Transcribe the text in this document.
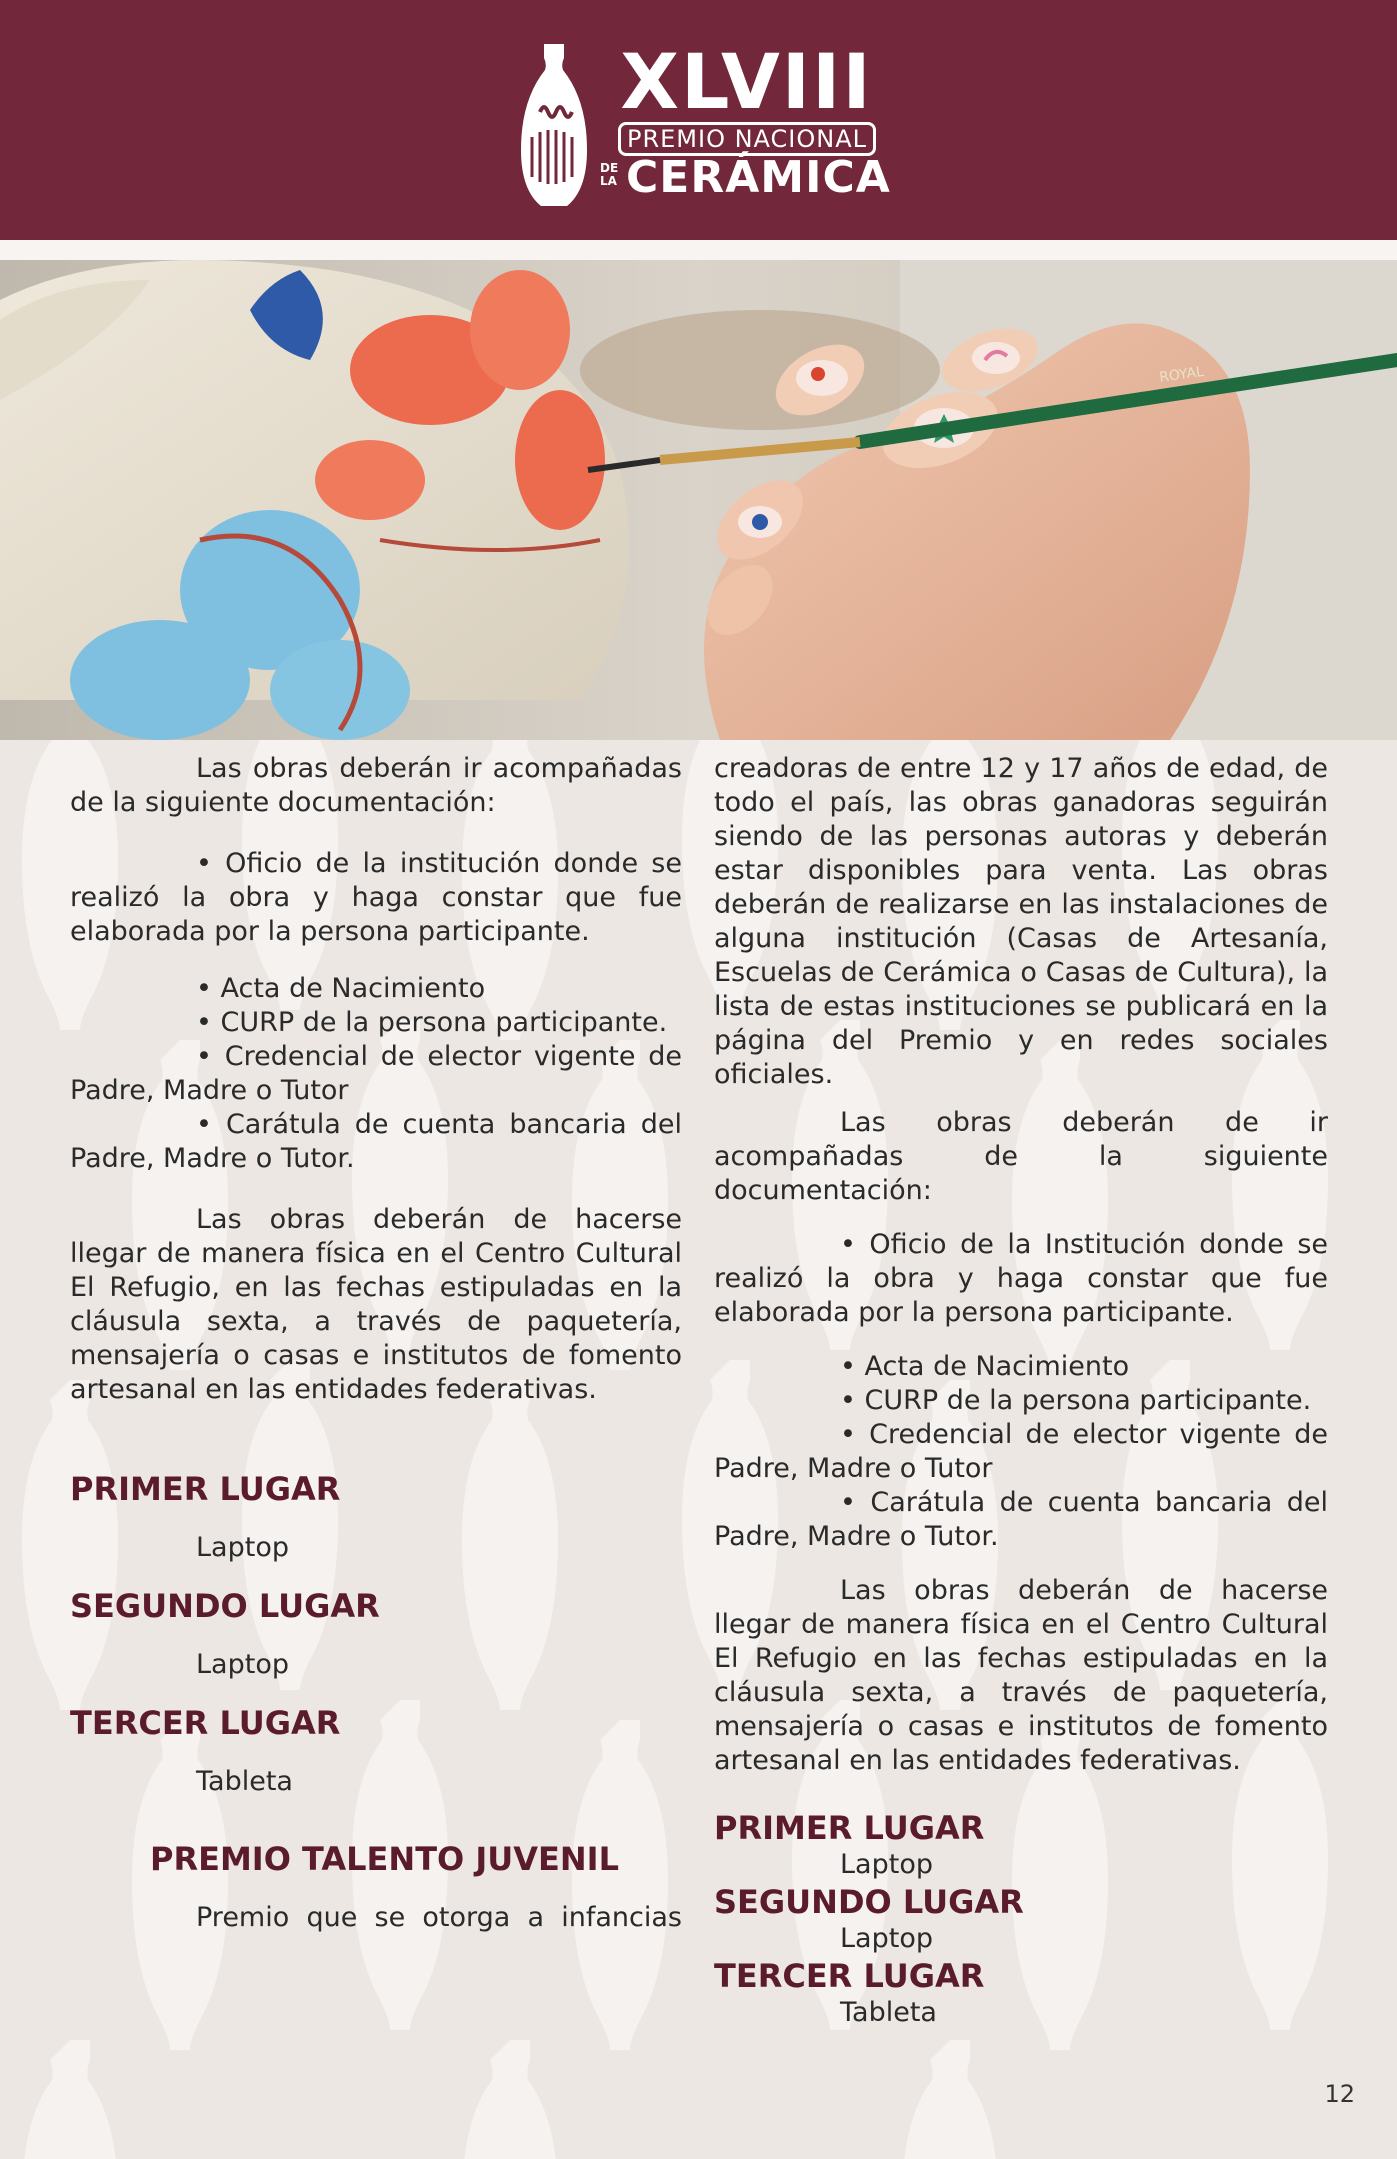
XLVIII
PREMIO NACIONAL
DE LA CERÁMICA
ROYAL

Las obras deberán ir acompañadas de la siguiente documentación:

• Oficio de la institución donde se realizó la obra y haga constar que fue elaborada por la persona participante.

• Acta de Nacimiento

• CURP de la persona participante.

• Credencial de elector vigente de Padre, Madre o Tutor

• Carátula de cuenta bancaria del Padre, Madre o Tutor.

Las obras deberán de hacerse llegar de manera física en el Centro Cultural El Refugio, en las fechas estipuladas en la cláusula sexta, a través de paquetería, mensajería o casas e institutos de fomento artesanal en las entidades federativas.

PRIMER LUGAR

Laptop

SEGUNDO LUGAR

Laptop

TERCER LUGAR

Tableta

PREMIO TALENTO JUVENIL

Premio que se otorga a infancias

creadoras de entre 12 y 17 años de edad, de todo el país, las obras ganadoras seguirán siendo de las personas autoras y deberán estar disponibles para venta. Las obras deberán de realizarse en las instalaciones de alguna institución (Casas de Artesanía, Escuelas de Cerámica o Casas de Cultura), la lista de estas instituciones se publicará en la página del Premio y en redes sociales oficiales.

Las obras deberán de ir acompañadas de la siguiente documentación:

• Oficio de la Institución donde se realizó la obra y haga constar que fue elaborada por la persona participante.

• Acta de Nacimiento

• CURP de la persona participante.

• Credencial de elector vigente de Padre, Madre o Tutor

• Carátula de cuenta bancaria del Padre, Madre o Tutor.

Las obras deberán de hacerse llegar de manera física en el Centro Cultural El Refugio en las fechas estipuladas en la cláusula sexta, a través de paquetería, mensajería o casas e institutos de fomento artesanal en las entidades federativas.

PRIMER LUGAR

Laptop

SEGUNDO LUGAR

Laptop

TERCER LUGAR

Tableta

12
